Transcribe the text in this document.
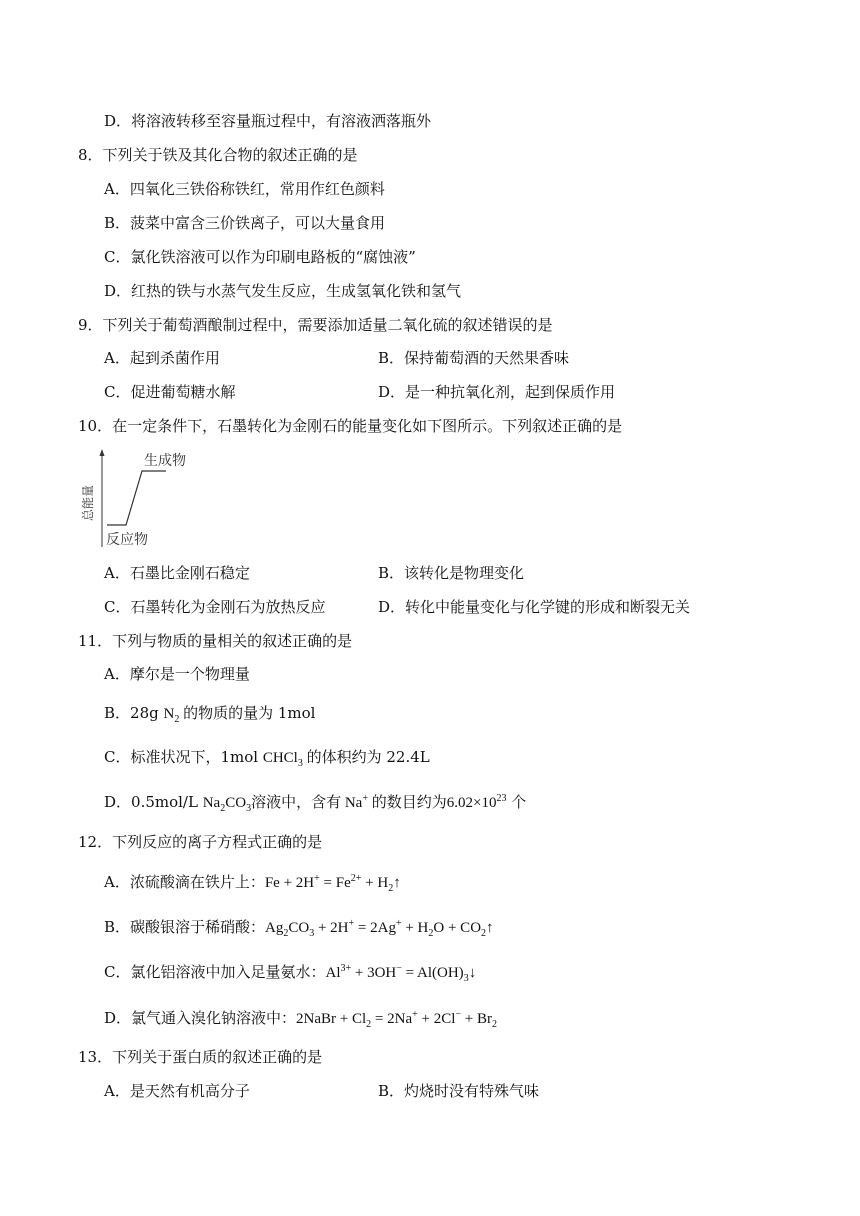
D．将溶液转移至容量瓶过程中，有溶液洒落瓶外
8．下列关于铁及其化合物的叙述正确的是
A．四氧化三铁俗称铁红，常用作红色颜料
B．菠菜中富含三价铁离子，可以大量食用
C．氯化铁溶液可以作为印刷电路板的“腐蚀液”
D．红热的铁与水蒸气发生反应，生成氢氧化铁和氢气
9．下列关于葡萄酒酿制过程中，需要添加适量二氧化硫的叙述错误的是
A．起到杀菌作用	B．保持葡萄酒的天然果香味
C．促进葡萄糖水解	D．是一种抗氧化剂，起到保质作用
10．在一定条件下，石墨转化为金刚石的能量变化如下图所示。下列叙述正确的是
总能量
生成物
反应物
A．石墨比金刚石稳定	B．该转化是物理变化
C．石墨转化为金刚石为放热反应	D．转化中能量变化与化学键的形成和断裂无关
11．下列与物质的量相关的叙述正确的是
A．摩尔是一个物理量
B．28g $N_2$ 的物质的量为 1mol
C．标准状况下，1mol CHCl$_3$ 的体积约为 22.4L
D．0.5mol/L $Na_2CO_3$溶液中，含有 Na+ 的数目约为$6.02\times 10^{23}$ 个
12．下列反应的离子方程式正确的是
A．浓硫酸滴在铁片上：$Fe + 2H^+ = Fe^{2+}$ + $H_2↑$
B．碳酸银溶于稀硝酸：$Ag_2CO_3 + 2H^+ = 2Ag^+ + H_2O$ + $CO_2↑$
C．氯化铝溶液中加入足量氨水：$Al^{3+} + 3OH^-$ = $Al(OH)_3↓$
D．氯气通入溴化钠溶液中：2NaBr + $Cl_2 = 2Na^+ + 2Cl^- + Br_2$
13．下列关于蛋白质的叙述正确的是
A．是天然有机高分子	B．灼烧时没有特殊气味
